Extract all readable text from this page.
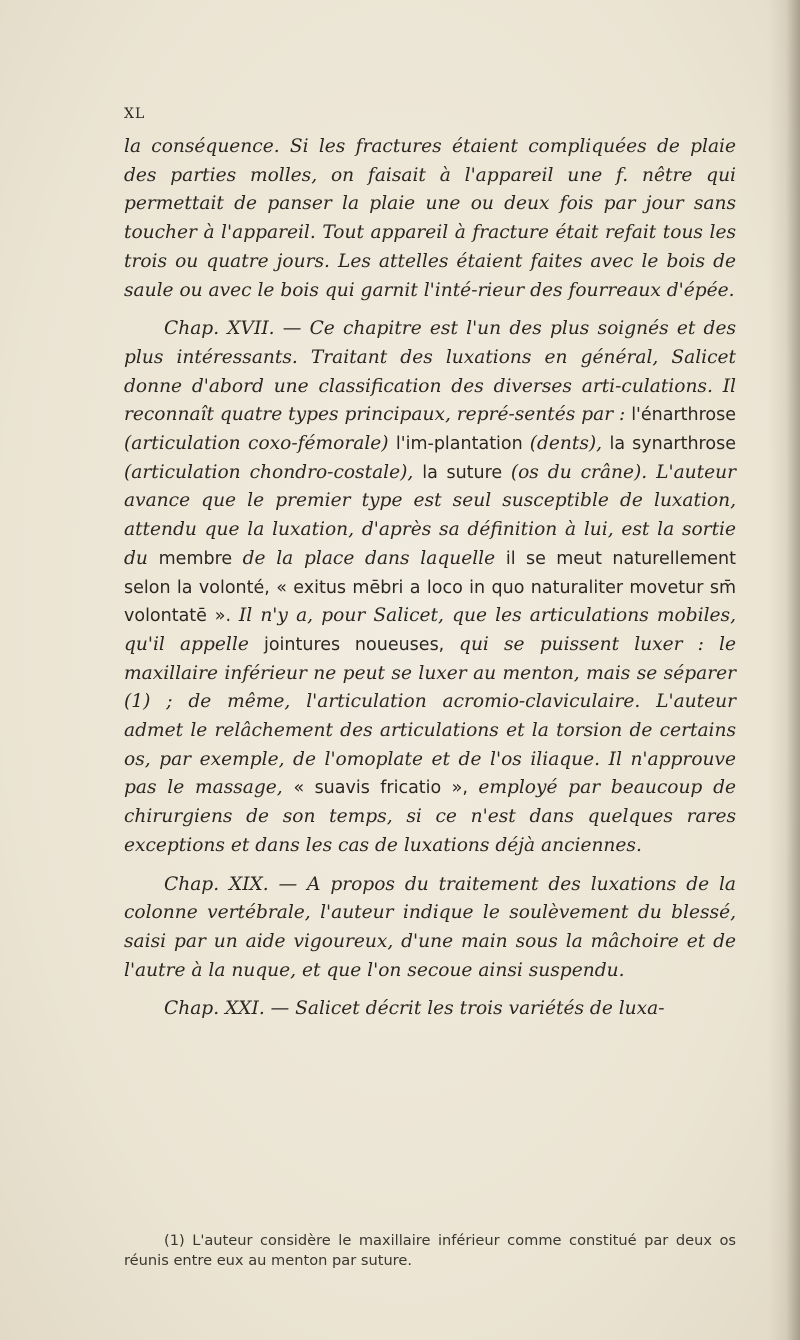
XL

la conséquence. Si les fractures étaient compliquées de plaie des parties molles, on faisait à l'appareil une f. nêtre qui permettait de panser la plaie une ou deux fois par jour sans toucher à l'appareil. Tout appareil à fracture était refait tous les trois ou quatre jours. Les attelles étaient faites avec le bois de saule ou avec le bois qui garnit l'inté-rieur des fourreaux d'épée.

Chap. XVII. — Ce chapitre est l'un des plus soignés et des plus intéressants. Traitant des luxations en général, Salicet donne d'abord une classification des diverses arti-culations. Il reconnaît quatre types principaux, repré-sentés par : l'énarthrose (articulation coxo-fémorale) l'im-plantation (dents), la synarthrose (articulation chondro-costale), la suture (os du crâne). L'auteur avance que le premier type est seul susceptible de luxation, attendu que la luxation, d'après sa définition à lui, est la sortie du membre de la place dans laquelle il se meut naturellement selon la volonté, « exitus mēbri a loco in quo naturaliter movetur sm̄ volontatē ». Il n'y a, pour Salicet, que les articulations mobiles, qu'il appelle jointures noueuses, qui se puissent luxer : le maxillaire inférieur ne peut se luxer au menton, mais se séparer (1) ; de même, l'articulation acromio-claviculaire. L'auteur admet le relâchement des articulations et la torsion de certains os, par exemple, de l'omoplate et de l'os iliaque. Il n'approuve pas le massage, « suavis fricatio », employé par beaucoup de chirurgiens de son temps, si ce n'est dans quelques rares exceptions et dans les cas de luxations déjà anciennes.

Chap. XIX. — A propos du traitement des luxations de la colonne vertébrale, l'auteur indique le soulèvement du blessé, saisi par un aide vigoureux, d'une main sous la mâchoire et de l'autre à la nuque, et que l'on secoue ainsi suspendu.

Chap. XXI. — Salicet décrit les trois variétés de luxa-

(1) L'auteur considère le maxillaire inférieur comme constitué par deux os réunis entre eux au menton par suture.
